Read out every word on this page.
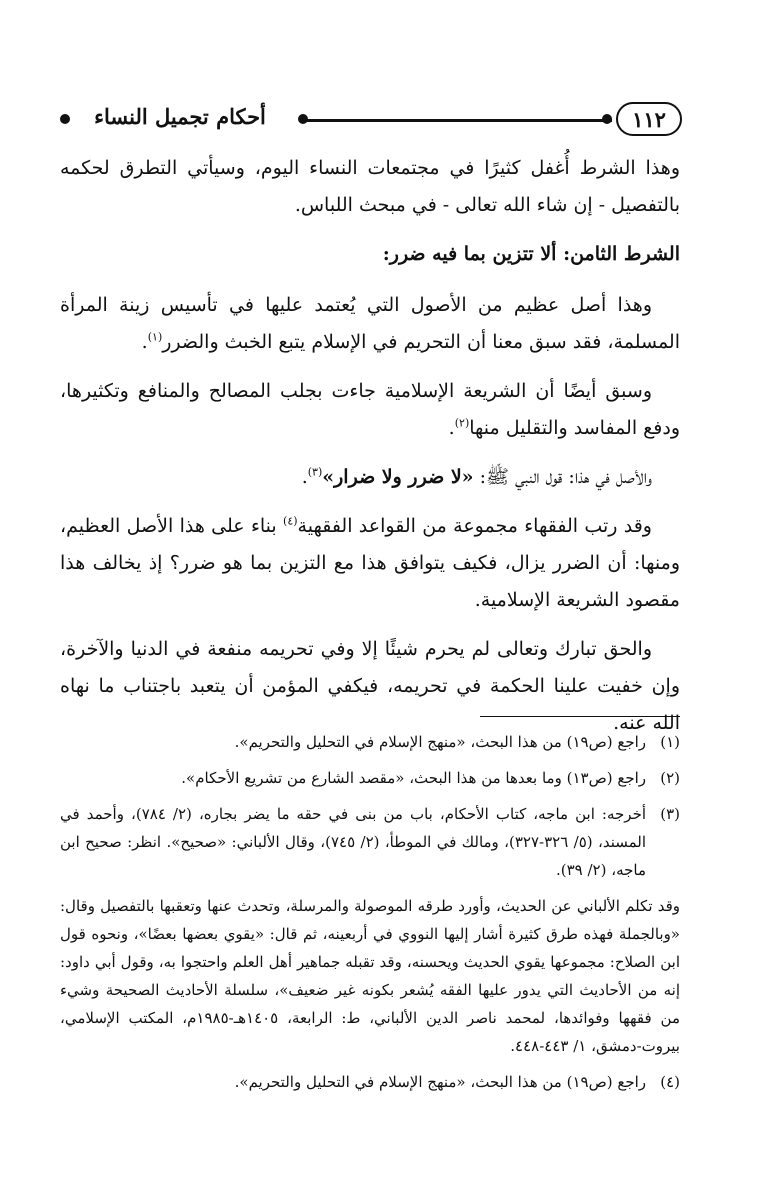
١١٢
أحكام تجميل النساء

وهذا الشرط أُغفل كثيرًا في مجتمعات النساء اليوم، وسيأتي التطرق لحكمه بالتفصيل - إن شاء الله تعالى - في مبحث اللباس.

الشرط الثامن: ألا تتزين بما فيه ضرر:

وهذا أصل عظيم من الأصول التي يُعتمد عليها في تأسيس زينة المرأة المسلمة، فقد سبق معنا أن التحريم في الإسلام يتبع الخبث والضرر$^{(١)}$.

وسبق أيضًا أن الشريعة الإسلامية جاءت بجلب المصالح والمنافع وتكثيرها، ودفع المفاسد والتقليل منها$^{(٢)}$.

والأصل في هذا: قول النبي ﷺ: «لا ضرر ولا ضرار»$^{(٣)}$.

وقد رتب الفقهاء مجموعة من القواعد الفقهية$^{(٤)}$ بناء على هذا الأصل العظيم، ومنها: أن الضرر يزال، فكيف يتوافق هذا مع التزين بما هو ضرر؟ إذ يخالف هذا مقصود الشريعة الإسلامية.

والحق تبارك وتعالى لم يحرم شيئًا إلا وفي تحريمه منفعة في الدنيا والآخرة، وإن خفيت علينا الحكمة في تحريمه، فيكفي المؤمن أن يتعبد باجتناب ما نهاه الله عنه.

(١)
راجع (ص١٩) من هذا البحث، «منهج الإسلام في التحليل والتحريم».
(٢)
راجع (ص١٣) وما بعدها من هذا البحث، «مقصد الشارع من تشريع الأحكام».
(٣)
أخرجه: ابن ماجه، كتاب الأحكام، باب من بنى في حقه ما يضر بجاره، (٢/ ٧٨٤)، وأحمد في المسند، (٥/ ٣٢٦-٣٢٧)، ومالك في الموطأ، (٢/ ٧٤٥)، وقال الألباني: «صحيح». انظر: صحيح ابن ماجه، (٢/ ٣٩).
وقد تكلم الألباني عن الحديث، وأورد طرقه الموصولة والمرسلة، وتحدث عنها وتعقبها بالتفصيل وقال: «وبالجملة فهذه طرق كثيرة أشار إليها النووي في أربعينه، ثم قال: «يقوي بعضها بعضًا»، ونحوه قول ابن الصلاح: مجموعها يقوي الحديث ويحسنه، وقد تقبله جماهير أهل العلم واحتجوا به، وقول أبي داود: إنه من الأحاديث التي يدور عليها الفقه يُشعر بكونه غير ضعيف»، سلسلة الأحاديث الصحيحة وشيء من فقهها وفوائدها، لمحمد ناصر الدين الألباني، ط: الرابعة، ١٤٠٥هـ-١٩٨٥م، المكتب الإسلامي، بيروت-دمشق، ١/ ٤٤٣-٤٤٨.
(٤)
راجع (ص١٩) من هذا البحث، «منهج الإسلام في التحليل والتحريم».
